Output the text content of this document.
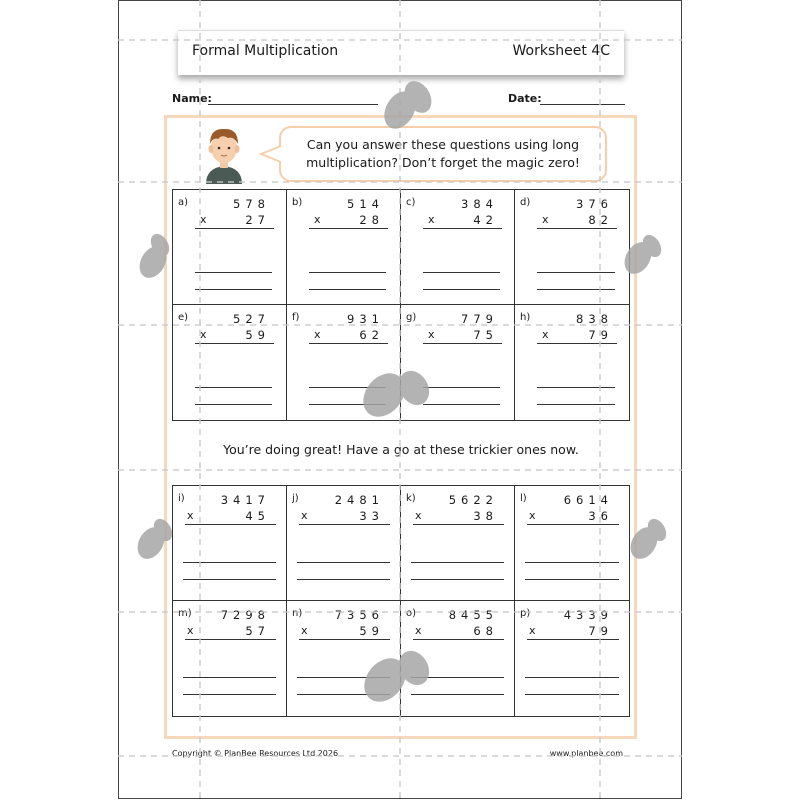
Formal Multiplication	Worksheet 4C
Name:	Date:
Can you answer these questions using long multiplication? Don’t forget the magic zero!
a)	578
x	27
b)	514
x	28
c)	384
x	42
d)	376
x	82
e)	527
x	59
f)	931
x	62
g)	779
x	75
h)	838
x	79
You’re doing great! Have a go at these trickier ones now.
i)	3417
x	45
j)	2481
x	33
k)	5622
x	38
l)	6614
x	36
m)	7298
x	57
n)	7356
x	59
o)	8455
x	68
p)	4339
x	79
Copyright © PlanBee Resources Ltd 2026	www.planbee.com
